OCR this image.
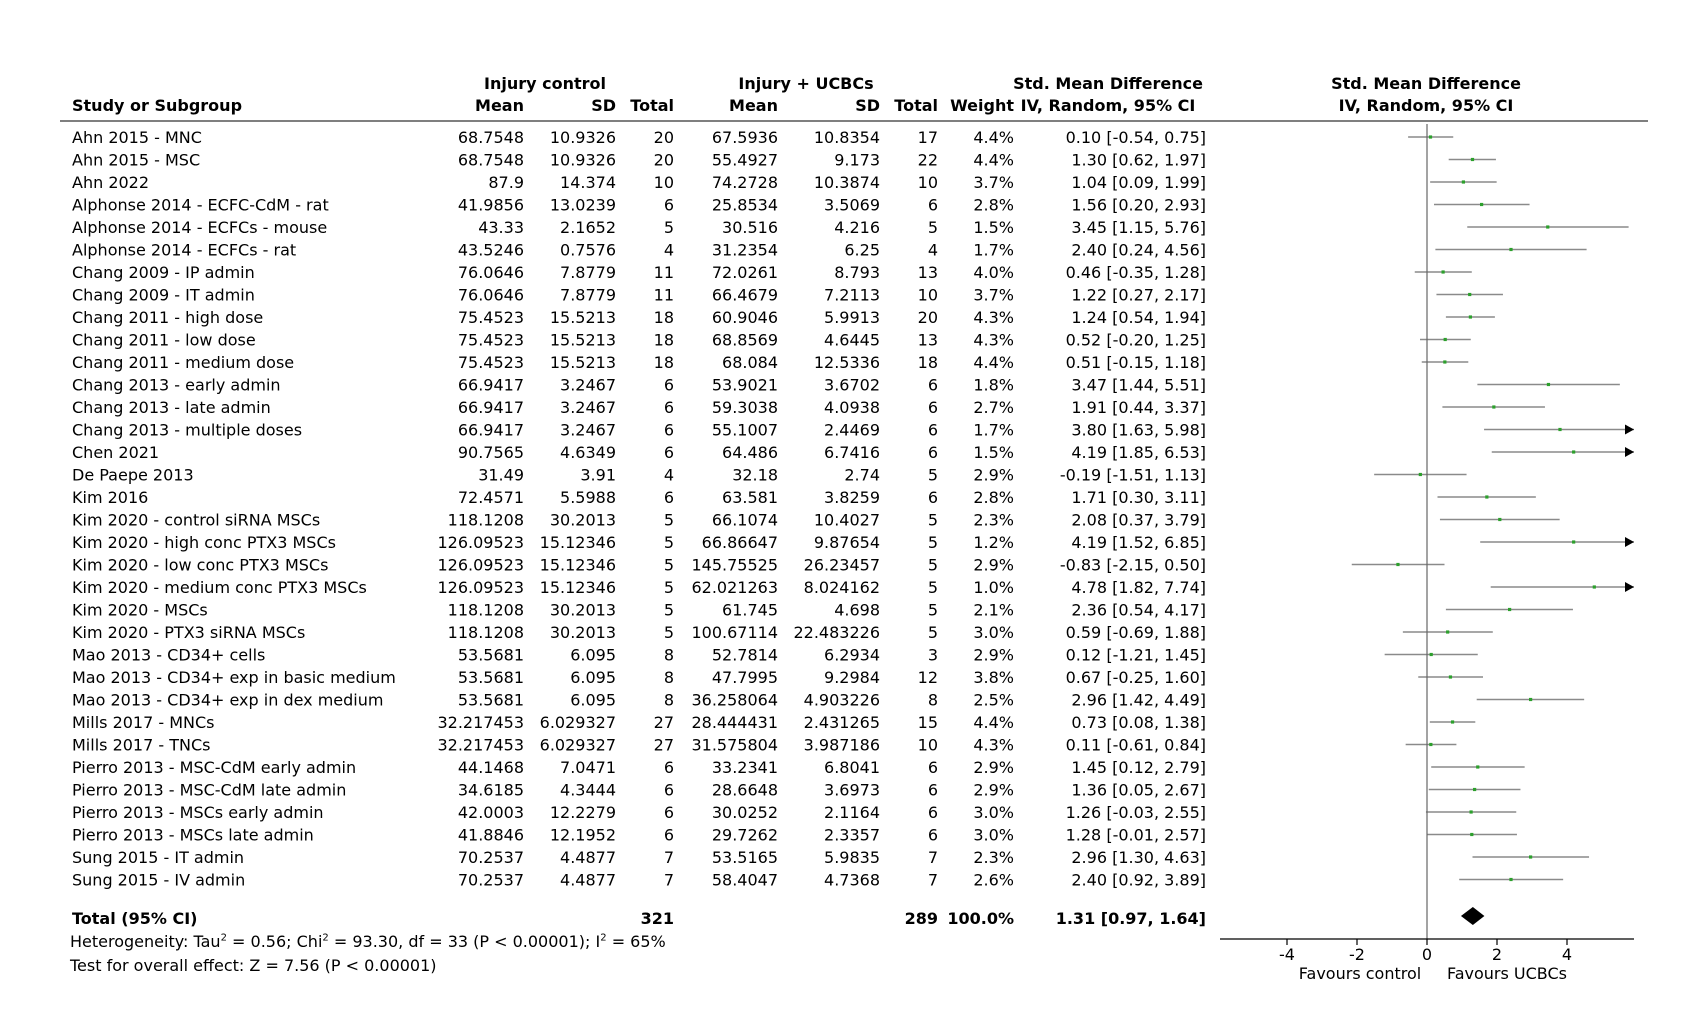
Injury control	Injury + UCBCs	Std. Mean Difference	Std. Mean Difference
Study or Subgroup	Mean	SD Total	Mean	SD Total Weight IV, Random, 95% CI	IV, Random, 95% CI
Ahn 2015 - MNC	68.7548 10.9326 20 67.5936 10.8354 17 4.4%	0.10 [-0.54, 0.75]
Ahn 2015 - MSC	68.7548 10.9326 20 55.4927	9.173 22 4.4%	1.30 [0.62, 1.97]
Ahn 2022	87.9 14.374 10 74.2728 10.3874 10 3.7%	1.04 [0.09, 1.99]
Alphonse 2014 - ECFC-CdM - rat	41.9856 13.0239	6 25.8534	3.5069	6 2.8%	1.56 [0.20, 2.93]
Alphonse 2014 - ECFCs - mouse	43.33 2.1652	5	30.516	4.216	5 1.5%	3.45 [1.15, 5.76]
Alphonse 2014 - ECFCs - rat	43.5246 0.7576	4 31.2354	6.25	4 1.7%	2.40 [0.24, 4.56]
Chang 2009 - IP admin	76.0646 7.8779 11 72.0261	8.793 13 4.0%	0.46 [-0.35, 1.28]
Chang 2009 - IT admin	76.0646 7.8779 11 66.4679	7.2113 10 3.7%	1.22 [0.27, 2.17]
Chang 2011 - high dose	75.4523 15.5213 18 60.9046	5.9913 20 4.3%	1.24 [0.54, 1.94]
Chang 2011 - low dose	75.4523 15.5213 18 68.8569	4.6445 13 4.3%	0.52 [-0.20, 1.25]
Chang 2011 - medium dose	75.4523 15.5213 18	68.084 12.5336 18 4.4%	0.51 [-0.15, 1.18]
Chang 2013 - early admin	66.9417 3.2467	6 53.9021	3.6702	6 1.8%	3.47 [1.44, 5.51]
Chang 2013 - late admin	66.9417 3.2467	6 59.3038	4.0938	6 2.7%	1.91 [0.44, 3.37]
Chang 2013 - multiple doses	66.9417 3.2467	6 55.1007	2.4469	6 1.7%	3.80 [1.63, 5.98]
Chen 2021	90.7565 4.6349	6	64.486	6.7416	6 1.5%	4.19 [1.85, 6.53]
De Paepe 2013	31.49	3.91	4	32.18	2.74	5 2.9%	-0.19 [-1.51, 1.13]
Kim 2016	72.4571 5.5988	6	63.581	3.8259	6 2.8%	1.71 [0.30, 3.11]
Kim 2020 - control siRNA MSCs	118.1208 30.2013	5 66.1074 10.4027	5 2.3%	2.08 [0.37, 3.79]
Kim 2020 - high conc PTX3 MSCs	126.09523 15.12346	5 66.86647 9.87654	5 1.2%	4.19 [1.52, 6.85]
Kim 2020 - low conc PTX3 MSCs	126.09523 15.12346	5 145.75525 26.23457	5 2.9%	-0.83 [-2.15, 0.50]
Kim 2020 - medium conc PTX3 MSCs	126.09523 15.12346	5 62.021263 8.024162	5 1.0%	4.78 [1.82, 7.74]
Kim 2020 - MSCs	118.1208 30.2013	5	61.745	4.698	5 2.1%	2.36 [0.54, 4.17]
Kim 2020 - PTX3 siRNA MSCs	118.1208 30.2013	5 100.67114 22.483226	5 3.0%	0.59 [-0.69, 1.88]
Mao 2013 - CD34+ cells	53.5681	6.095	8 52.7814	6.2934	3 2.9%	0.12 [-1.21, 1.45]
Mao 2013 - CD34+ exp in basic medium	53.5681	6.095	8 47.7995	9.2984 12 3.8%	0.67 [-0.25, 1.60]
Mao 2013 - CD34+ exp in dex medium	53.5681	6.095	8 36.258064 4.903226	8 2.5%	2.96 [1.42, 4.49]
Mills 2017 - MNCs	32.217453 6.029327 27 28.444431 2.431265 15 4.4%	0.73 [0.08, 1.38]
Mills 2017 - TNCs	32.217453 6.029327 27 31.575804 3.987186 10 4.3%	0.11 [-0.61, 0.84]
Pierro 2013 - MSC-CdM early admin	44.1468 7.0471	6 33.2341	6.8041	6 2.9%	1.45 [0.12, 2.79]
Pierro 2013 - MSC-CdM late admin	34.6185 4.3444	6 28.6648	3.6973	6 2.9%	1.36 [0.05, 2.67]
Pierro 2013 - MSCs early admin	42.0003 12.2279	6 30.0252	2.1164	6 3.0%	1.26 [-0.03, 2.55]
Pierro 2013 - MSCs late admin	41.8846 12.1952	6 29.7262	2.3357	6 3.0%	1.28 [-0.01, 2.57]
Sung 2015 - IT admin	70.2537 4.4877	7 53.5165	5.9835	7 2.3%	2.96 [1.30, 4.63]
Sung 2015 - IV admin	70.2537 4.4877	7 58.4047	4.7368	7 2.6%	2.40 [0.92, 3.89]
Total (95% CI)	321	289 100.0%	1.31 [0.97, 1.64]
-4	-2	0	2	4
Favours control Favours UCBCs
Heterogeneity: Tau$^2$ = 0.56; Chi$^2$ = 93.30, df = 33 (P < 0.00001); $I^2 = 65\%$
Test for overall effect: Z = 7.56 (P < 0.00001)
